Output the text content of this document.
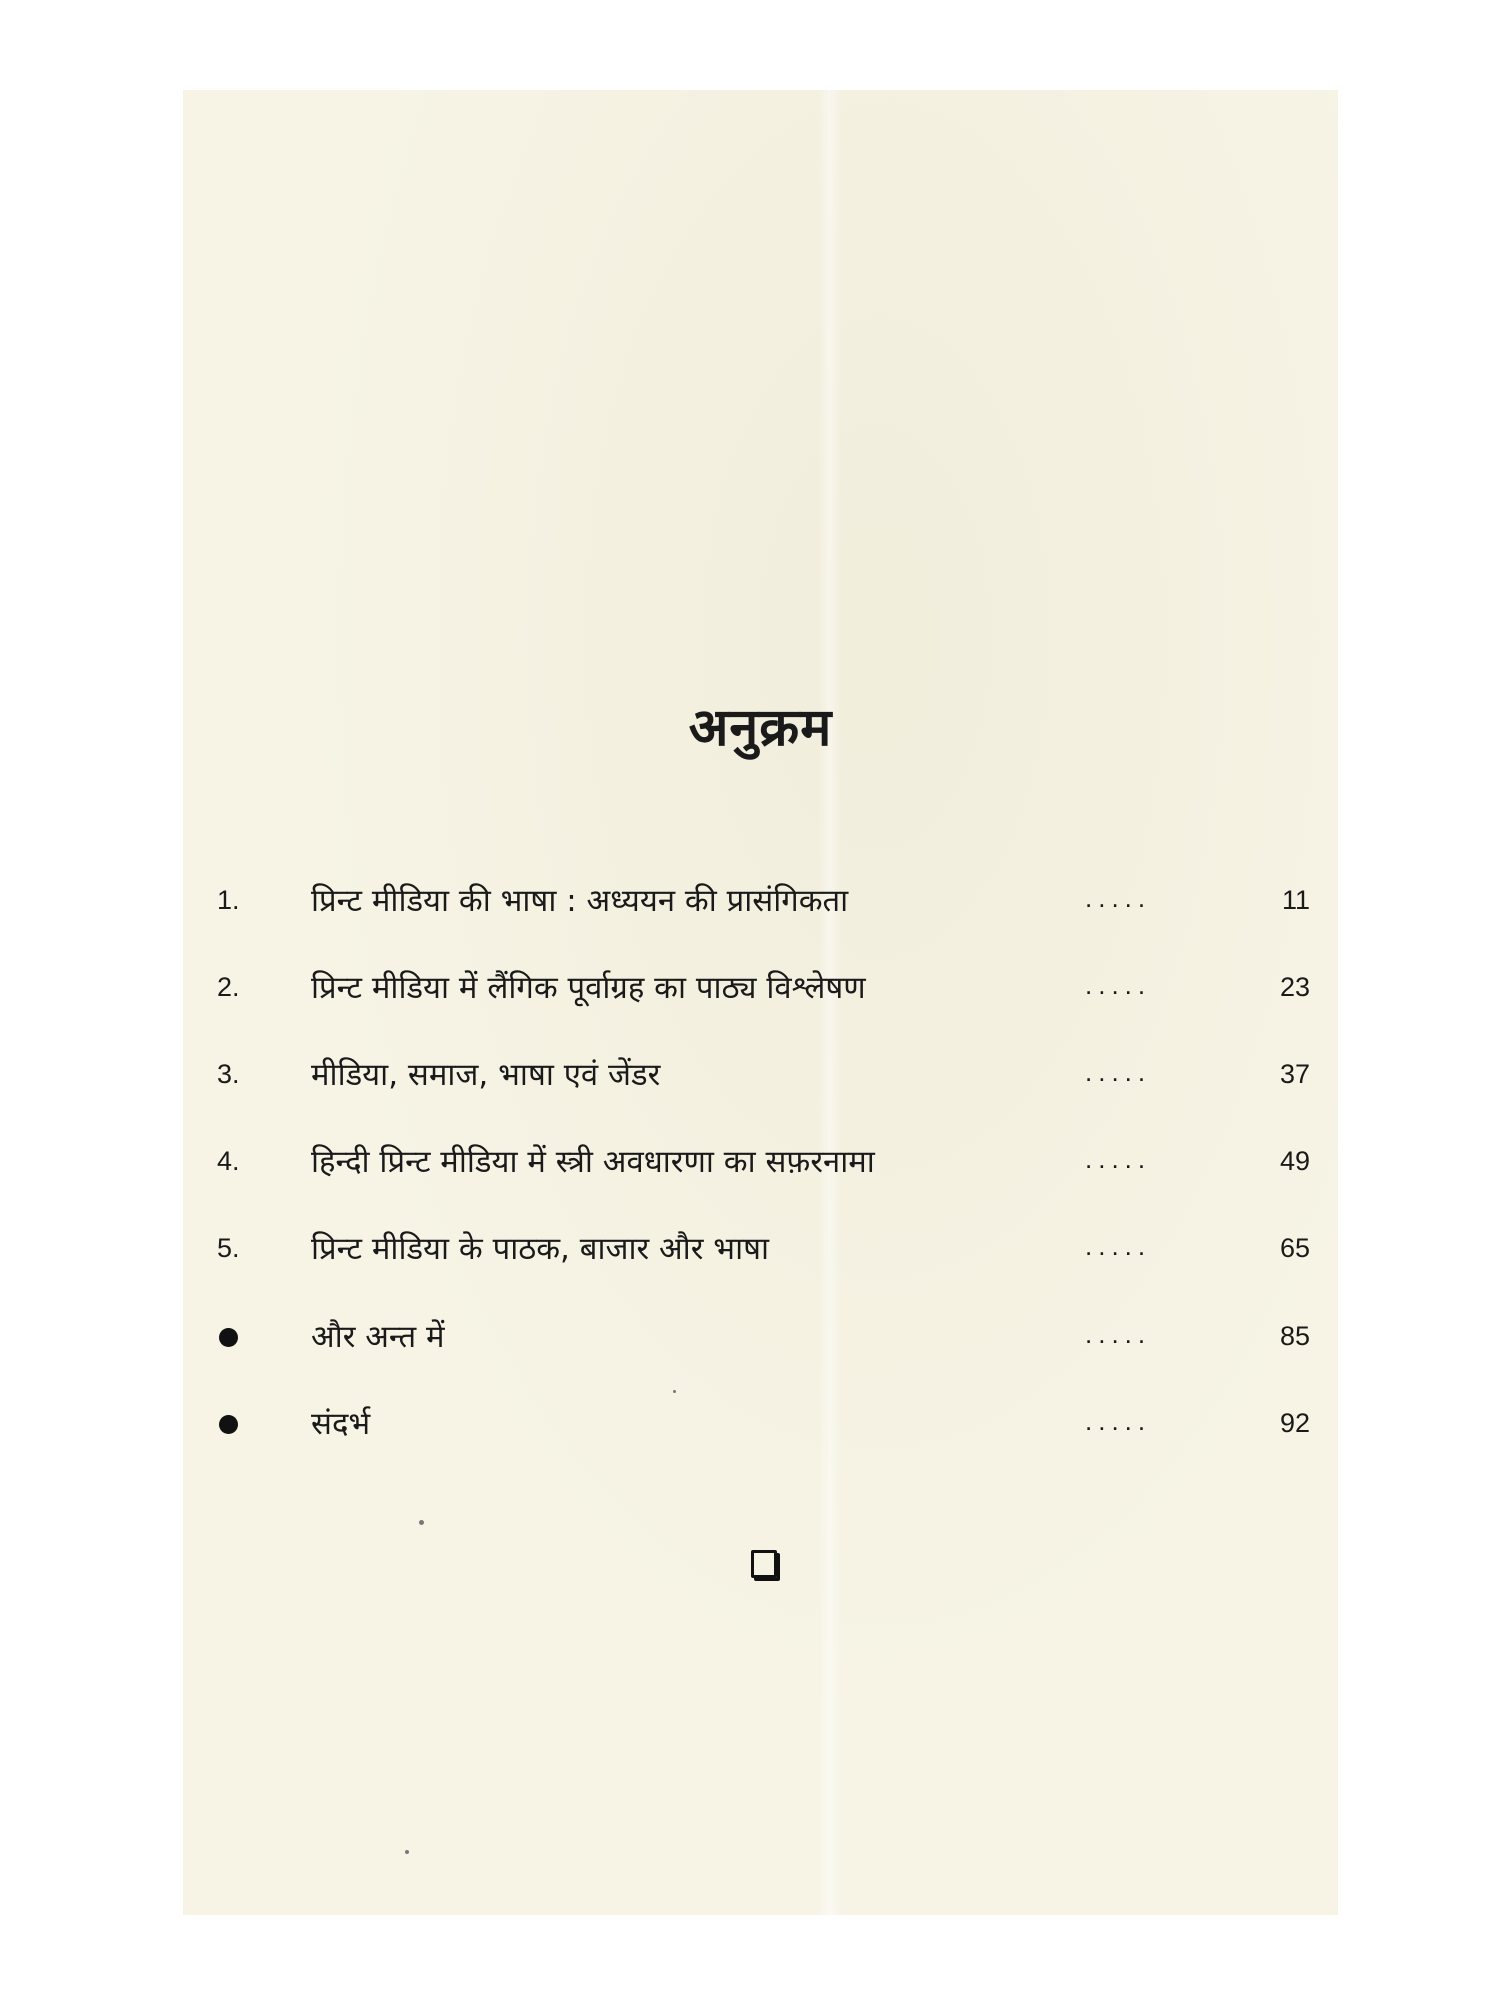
अनुक्रम
1. प्रिन्ट मीडिया की भाषा : अध्ययन की प्रासंगिकता	.....	11
2. प्रिन्ट मीडिया में लैंगिक पूर्वाग्रह का पाठ्य विश्लेषण	.....	23
3. मीडिया, समाज, भाषा एवं जेंडर	.....	37
4. हिन्दी प्रिन्ट मीडिया में स्त्री अवधारणा का सफ़रनामा	.....	49
5. प्रिन्ट मीडिया के पाठक, बाजार और भाषा	.....	65
और अन्त में	.....	85
संदर्भ	.....	92
